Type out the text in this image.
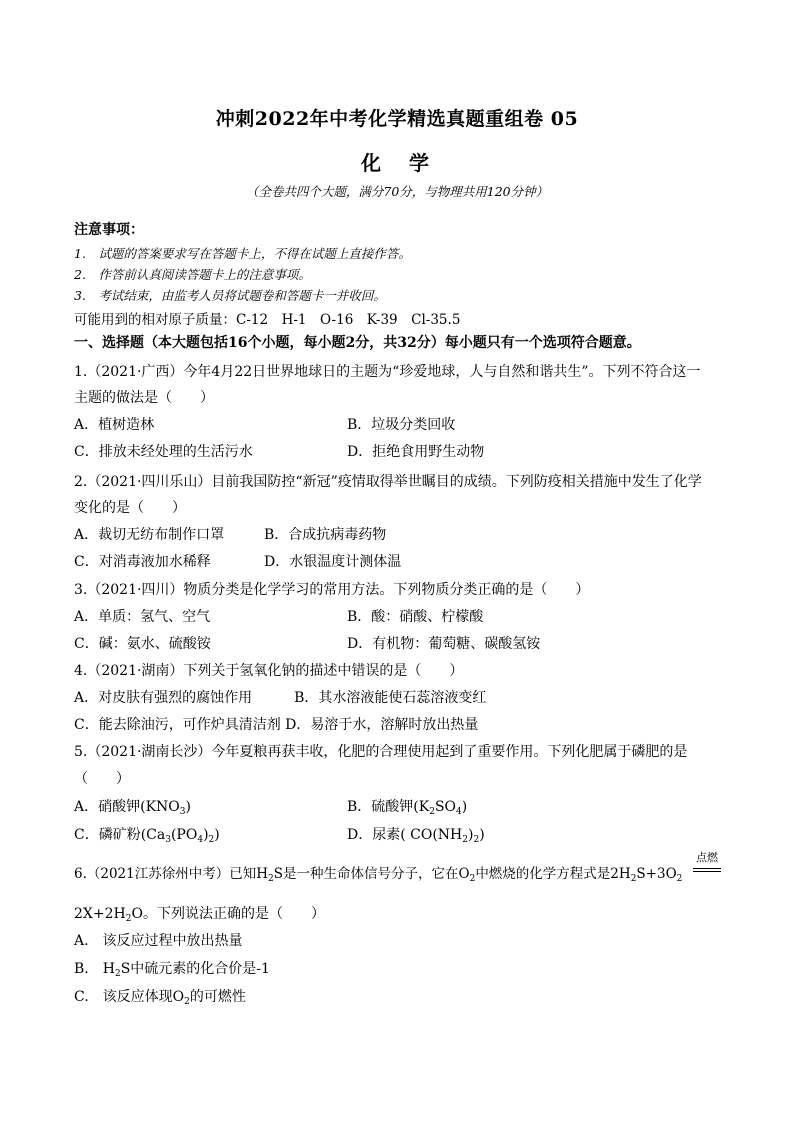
冲刺2022年中考化学精选真题重组卷 05
化　学
（全卷共四个大题，满分70分，与物理共用120分钟）
注意事项：
1.　试题的答案要求写在答题卡上，不得在试题上直接作答。
2.　作答前认真阅读答题卡上的注意事项。
3.　考试结束，由监考人员将试题卷和答题卡一并收回。
可能用到的相对原子质量：C-12　H-1　O-16　K-39　Cl-35.5
一、选择题（本大题包括16个小题，每小题2分，共32分）每小题只有一个选项符合题意。
1.（2021·广西）今年4月22日世界地球日的主题为“珍爱地球，人与自然和谐共生”。下列不符合这一
主题的做法是（　　）
A．植树造林	B．垃圾分类回收
C．排放未经处理的生活污水	D．拒绝食用野生动物
2.（2021·四川乐山）目前我国防控“新冠”疫情取得举世瞩目的成绩。下列防疫相关措施中发生了化学
变化的是（　　）
A．裁切无纺布制作口罩	B．合成抗病毒药物
C．对消毒液加水稀释	D．水银温度计测体温
3.（2021·四川）物质分类是化学学习的常用方法。下列物质分类正确的是（　　）
A．单质：氢气、空气	B．酸：硝酸、柠檬酸
C．碱：氨水、硫酸铵	D．有机物：葡萄糖、碳酸氢铵
4.（2021·湖南）下列关于氢氧化钠的描述中错误的是（　　）
A．对皮肤有强烈的腐蚀作用　　　B．其水溶液能使石蕊溶液变红
C．能去除油污，可作炉具清洁剂 D．易溶于水，溶解时放出热量
5.（2021·湖南长沙）今年夏粮再获丰收，化肥的合理使用起到了重要作用。下列化肥属于磷肥的是
（　　）
A．硝酸钾$(KNO_3)$	B．硫酸钾$(K_2SO_4)$
C．磷矿粉$(Ca_3(PO_4)_2)$	D．尿素( $CO(NH_2)_2$)
6.（2021江苏徐州中考）已知$H_2S$是一种生命体信号分子，它在$O_2$中燃烧的化学方程式是$2H_2S+3O_2$
点燃
$2X+2H_2O$。下列说法正确的是（　　）
A.　该反应过程中放出热量
B.　$H_2S$中硫元素的化合价是-1
C.　该反应体现$O_2$的可燃性
